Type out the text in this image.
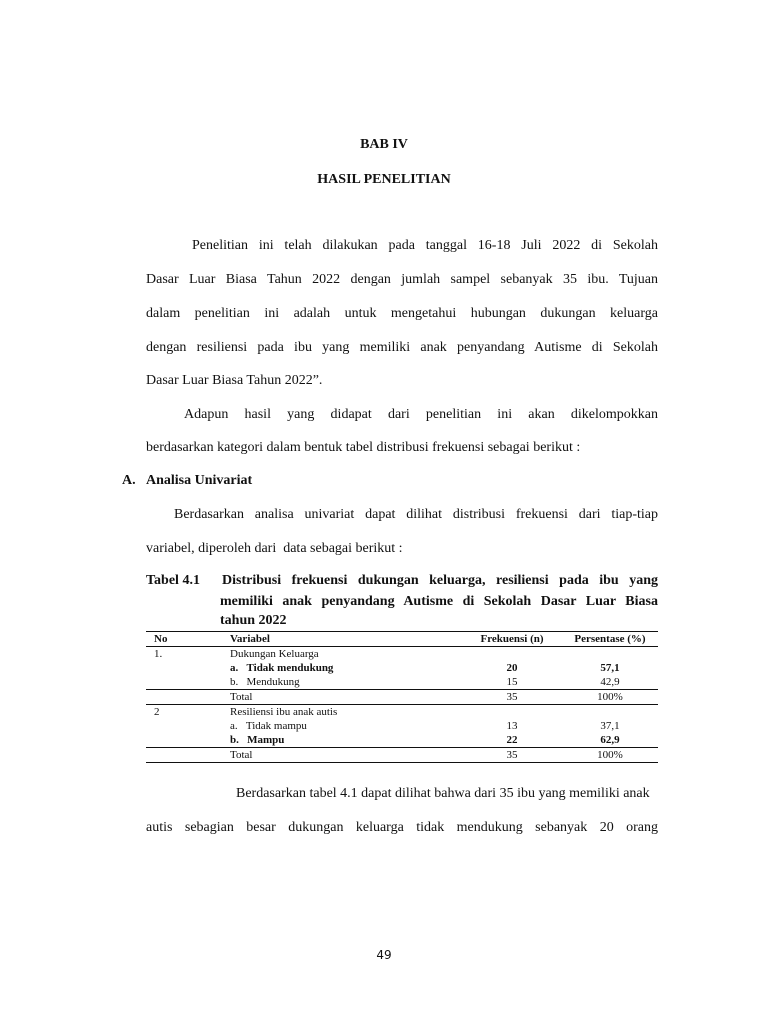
BAB IV
HASIL PENELITIAN
Penelitian ini telah dilakukan pada tanggal 16-18 Juli 2022 di Sekolah
Dasar Luar Biasa Tahun 2022 dengan jumlah sampel sebanyak 35 ibu. Tujuan
dalam penelitian ini adalah untuk mengetahui hubungan dukungan keluarga
dengan resiliensi pada ibu yang memiliki anak penyandang Autisme di Sekolah
Dasar Luar Biasa Tahun 2022”.
Adapun hasil yang didapat dari penelitian ini akan dikelompokkan
berdasarkan kategori dalam bentuk tabel distribusi frekuensi sebagai berikut :
A. Analisa Univariat
Berdasarkan analisa univariat dapat dilihat distribusi frekuensi dari tiap-tiap
variabel, diperoleh dari  data sebagai berikut :
Tabel 4.1 Distribusi frekuensi dukungan keluarga, resiliensi pada ibu yang
memiliki anak penyandang Autisme di Sekolah Dasar Luar Biasa
tahun 2022
No	Variabel	Frekuensi (n)	Persentase (%)
1.	Dukungan Keluarga		
	a. Tidak mendukung	20	57,1
	b. Mendukung	15	42,9
	Total	35	100%
2	Resiliensi ibu anak autis		
	a. Tidak mampu	13	37,1
	b. Mampu	22	62,9
	Total	35	100%
Berdasarkan tabel 4.1 dapat dilihat bahwa dari 35 ibu yang memiliki anak
autis sebagian besar dukungan keluarga tidak mendukung sebanyak 20 orang
49
